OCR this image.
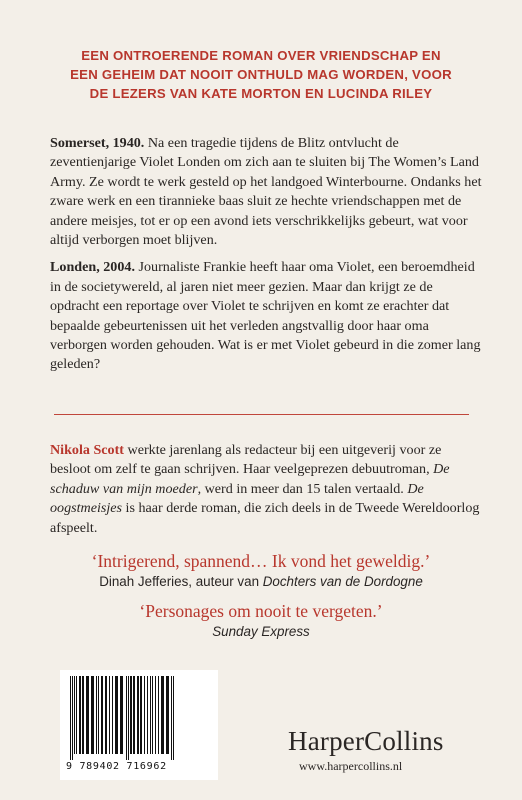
EEN ONTROERENDE ROMAN OVER VRIENDSCHAP EN
EEN GEHEIM DAT NOOIT ONTHULD MAG WORDEN, VOOR
DE LEZERS VAN KATE MORTON EN LUCINDA RILEY

Somerset, 1940. Na een tragedie tijdens de Blitz ontvlucht de zeventienjarige Violet Londen om zich aan te sluiten bij The Women’s Land Army. Ze wordt te werk gesteld op het landgoed Winterbourne. Ondanks het zware werk en een tirannieke baas sluit ze hechte vriendschappen met de andere meisjes, tot er op een avond iets verschrikkelijks gebeurt, wat voor altijd verborgen moet blijven.

Londen, 2004. Journaliste Frankie heeft haar oma Violet, een beroemdheid in de societywereld, al jaren niet meer gezien. Maar dan krijgt ze de opdracht een reportage over Violet te schrijven en komt ze erachter dat bepaalde gebeurtenissen uit het verleden angstvallig door haar oma verborgen worden gehouden. Wat is er met Violet gebeurd in die zomer lang geleden?

Nikola Scott werkte jarenlang als redacteur bij een uitgeverij voor ze besloot om zelf te gaan schrijven. Haar veelgeprezen debuutroman, De schaduw van mijn moeder, werd in meer dan 15 talen vertaald. De oogstmeisjes is haar derde roman, die zich deels in de Tweede Wereldoorlog afspeelt.
‘Intrigerend, spannend… Ik vond het geweldig.’
Dinah Jefferies, auteur van Dochters van de Dordogne
‘Personages om nooit te vergeten.’
Sunday Express
9 789402 716962
HarperCollins
www.harpercollins.nl
